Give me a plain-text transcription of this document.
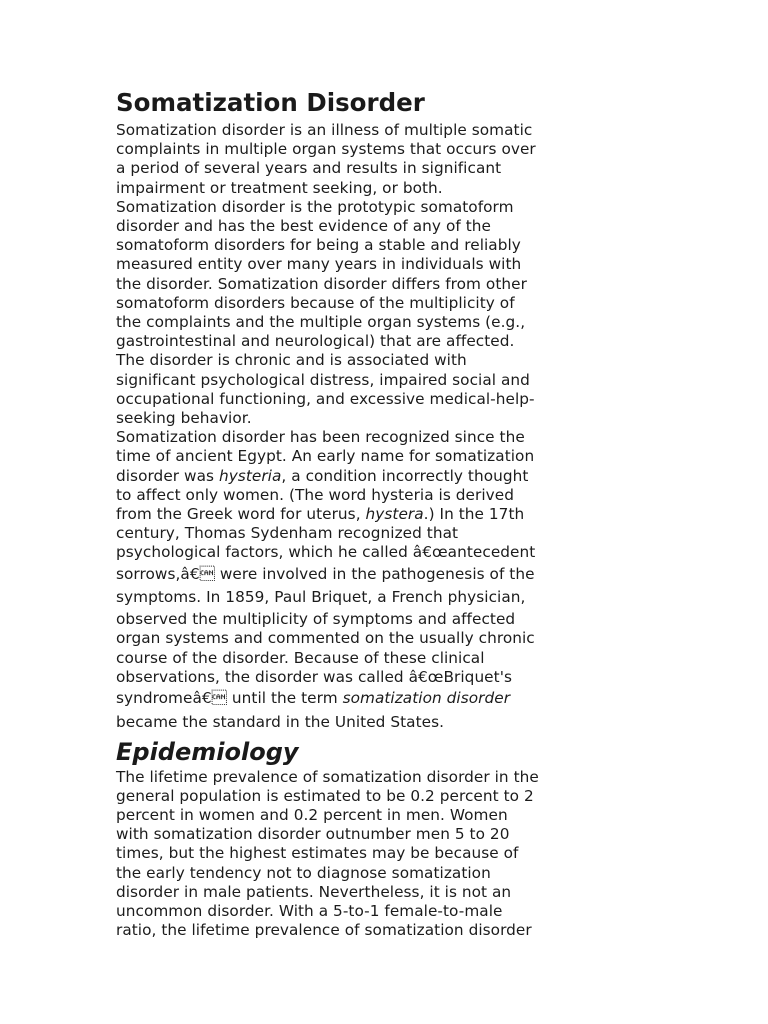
Somatization Disorder
Somatization disorder is an illness of multiple somatic
complaints in multiple organ systems that occurs over
a period of several years and results in significant
impairment or treatment seeking, or both.
Somatization disorder is the prototypic somatoform
disorder and has the best evidence of any of the
somatoform disorders for being a stable and reliably
measured entity over many years in individuals with
the disorder. Somatization disorder differs from other
somatoform disorders because of the multiplicity of
the complaints and the multiple organ systems (e.g.,
gastrointestinal and neurological) that are affected.
The disorder is chronic and is associated with
significant psychological distress, impaired social and
occupational functioning, and excessive medical-help-
seeking behavior.
Somatization disorder has been recognized since the
time of ancient Egypt. An early name for somatization
disorder was hysteria, a condition incorrectly thought
to affect only women. (The word hysteria is derived
from the Greek word for uterus, hystera.) In the 17th
century, Thomas Sydenham recognized that
psychological factors, which he called â€œantecedent
sorrows,â€ were involved in the pathogenesis of the
symptoms. In 1859, Paul Briquet, a French physician,
observed the multiplicity of symptoms and affected
organ systems and commented on the usually chronic
course of the disorder. Because of these clinical
observations, the disorder was called â€œBriquet's
syndromeâ€ until the term somatization disorder
became the standard in the United States.
Epidemiology
The lifetime prevalence of somatization disorder in the
general population is estimated to be 0.2 percent to 2
percent in women and 0.2 percent in men. Women
with somatization disorder outnumber men 5 to 20
times, but the highest estimates may be because of
the early tendency not to diagnose somatization
disorder in male patients. Nevertheless, it is not an
uncommon disorder. With a 5-to-1 female-to-male
ratio, the lifetime prevalence of somatization disorder
